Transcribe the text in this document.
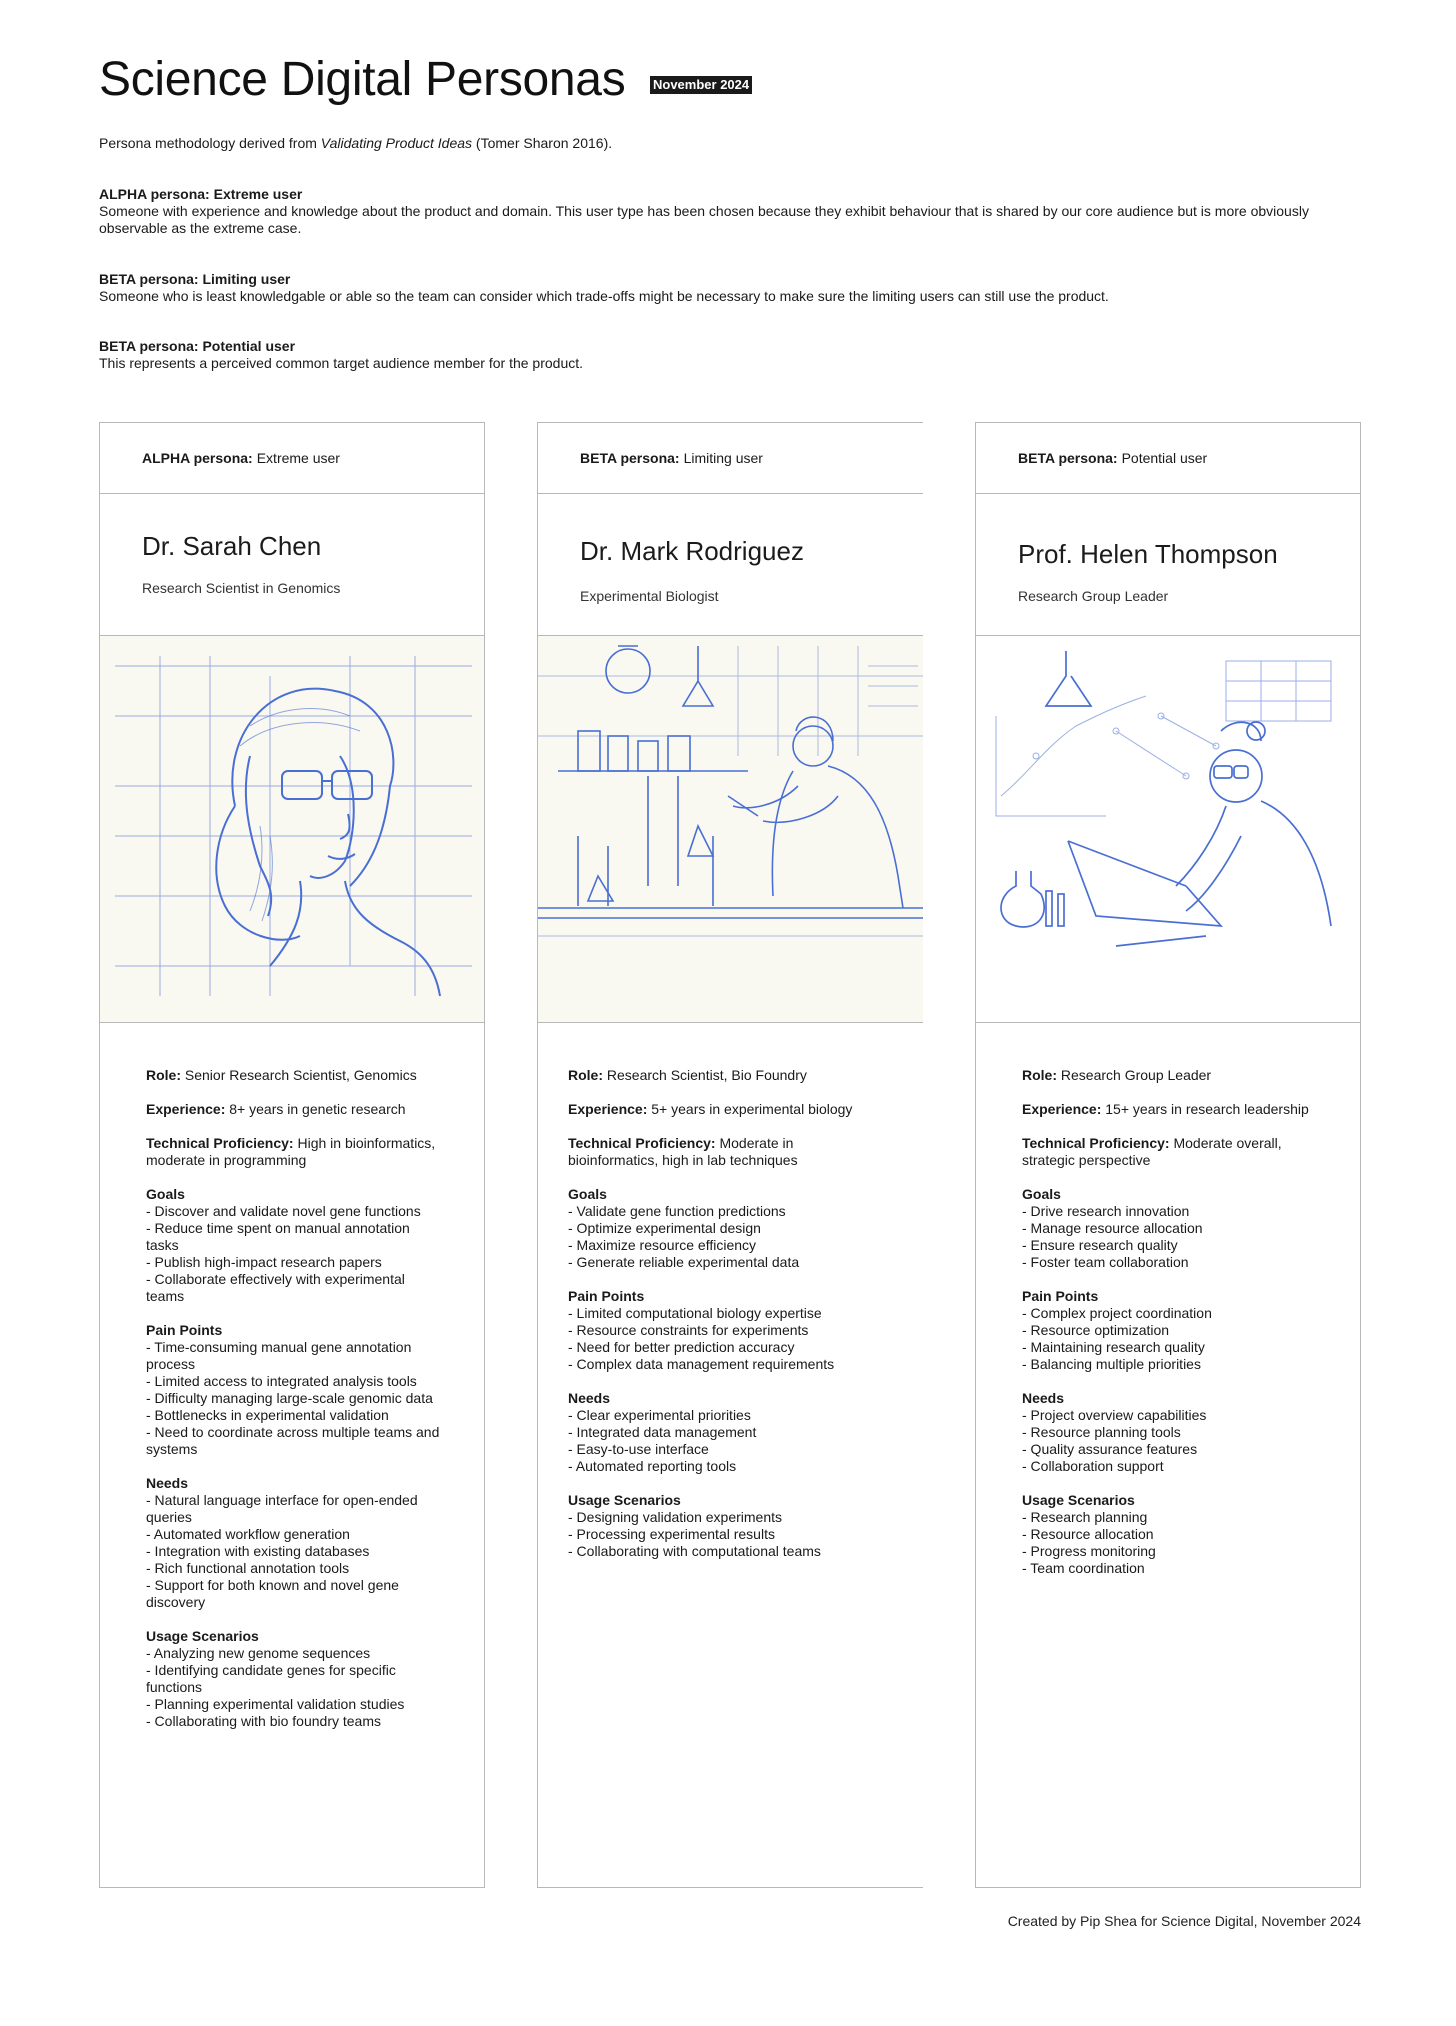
Science Digital Personas November 2024
Persona methodology derived from Validating Product Ideas (Tomer Sharon 2016).
ALPHA persona: Extreme user
Someone with experience and knowledge about the product and domain. This user type has been chosen because they exhibit behaviour that is shared by our core audience but is more obviously observable as the extreme case.
BETA persona: Limiting user
Someone who is least knowledgable or able so the team can consider which trade-offs might be necessary to make sure the limiting users can still use the product.
BETA persona: Potential user
This represents a perceived common target audience member for the product.
ALPHA persona: Extreme user
Dr. Sarah Chen
Research Scientist in Genomics
Role: Senior Research Scientist, Genomics
Experience: 8+ years in genetic research
Technical Proficiency: High in bioinformatics, moderate in programming
Goals
- Discover and validate novel gene functions
- Reduce time spent on manual annotation tasks
- Publish high-impact research papers
- Collaborate effectively with experimental teams
Pain Points
- Time-consuming manual gene annotation process
- Limited access to integrated analysis tools
- Difficulty managing large-scale genomic data
- Bottlenecks in experimental validation
- Need to coordinate across multiple teams and systems
Needs
- Natural language interface for open-ended queries
- Automated workflow generation
- Integration with existing databases
- Rich functional annotation tools
- Support for both known and novel gene discovery
Usage Scenarios
- Analyzing new genome sequences
- Identifying candidate genes for specific functions
- Planning experimental validation studies
- Collaborating with bio foundry teams
BETA persona: Limiting user
Dr. Mark Rodriguez
Experimental Biologist
Role: Research Scientist, Bio Foundry
Experience: 5+ years in experimental biology
Technical Proficiency: Moderate in bioinformatics, high in lab techniques
Goals
- Validate gene function predictions
- Optimize experimental design
- Maximize resource efficiency
- Generate reliable experimental data
Pain Points
- Limited computational biology expertise
- Resource constraints for experiments
- Need for better prediction accuracy
- Complex data management requirements
Needs
- Clear experimental priorities
- Integrated data management
- Easy-to-use interface
- Automated reporting tools
Usage Scenarios
- Designing validation experiments
- Processing experimental results
- Collaborating with computational teams
BETA persona: Potential user
Prof. Helen Thompson
Research Group Leader
Role: Research Group Leader
Experience: 15+ years in research leadership
Technical Proficiency: Moderate overall, strategic perspective
Goals
- Drive research innovation
- Manage resource allocation
- Ensure research quality
- Foster team collaboration
Pain Points
- Complex project coordination
- Resource optimization
- Maintaining research quality
- Balancing multiple priorities
Needs
- Project overview capabilities
- Resource planning tools
- Quality assurance features
- Collaboration support
Usage Scenarios
- Research planning
- Resource allocation
- Progress monitoring
- Team coordination
Created by Pip Shea for Science Digital, November 2024
